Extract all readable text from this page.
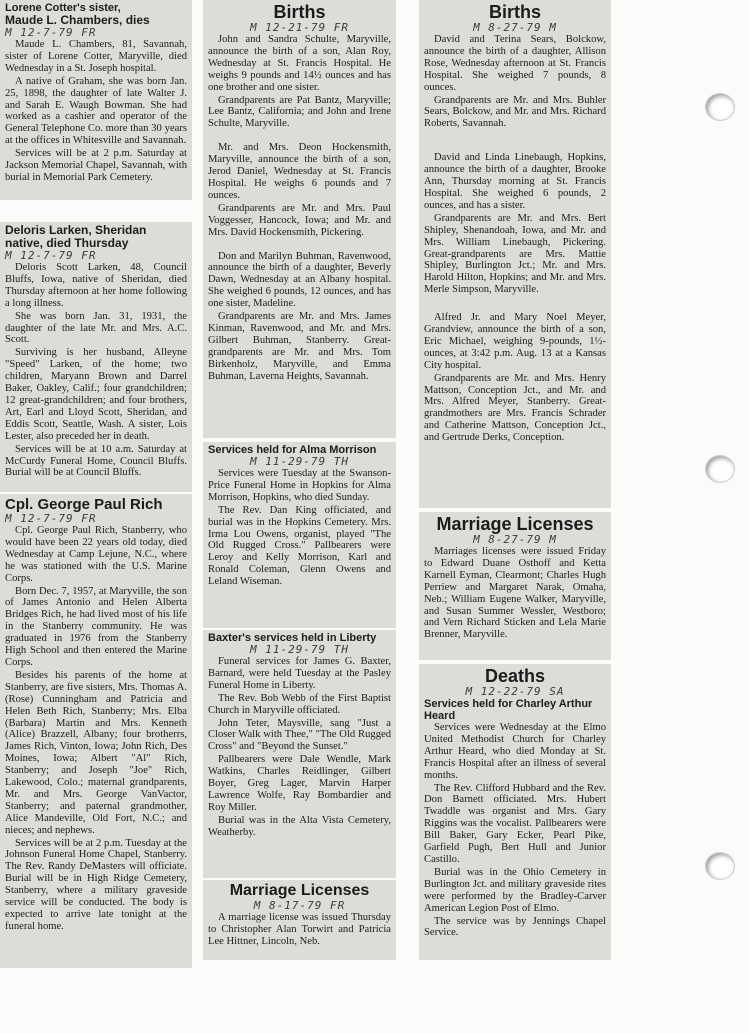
Lorene Cotter's sister,
Maude L. Chambers, dies
M 12-7-79 FR

Maude L. Chambers, 81, Savannah, sister of Lorene Cotter, Maryville, died Wednesday in a St. Joseph hospital.

A native of Graham, she was born Jan. 25, 1898, the daughter of late Walter J. and Sarah E. Waugh Bowman. She had worked as a cashier and operator of the General Telephone Co. more than 30 years at the offices in Whitesville and Savannah.

Services will be at 2 p.m. Saturday at Jackson Memorial Chapel, Savannah, with burial in Memorial Park Cemetery.

Deloris Larken, Sheridan native, died Thursday
M 12-7-79 FR

Deloris Scott Larken, 48, Council Bluffs, Iowa, native of Sheridan, died Thursday afternoon at her home following a long illness.

She was born Jan. 31, 1931, the daughter of the late Mr. and Mrs. A.C. Scott.

Surviving is her husband, Alleyne "Speed" Larken, of the home; two children, Maryann Brown and Darrel Baker, Oakley, Calif.; four grandchildren; 12 great-grandchildren; and four brothers, Art, Earl and Lloyd Scott, Sheridan, and Eddis Scott, Seattle, Wash. A sister, Lois Lester, also preceded her in death.

Services will be at 10 a.m. Saturday at McCurdy Funeral Home, Council Bluffs. Burial will be at Council Bluffs.

Cpl. George Paul Rich
M 12-7-79 FR

Cpl. George Paul Rich, Stanberry, who would have been 22 years old today, died Wednesday at Camp Lejune, N.C., where he was stationed with the U.S. Marine Corps.

Born Dec. 7, 1957, at Maryville, the son of James Antonio and Helen Alberta Bridges Rich, he had lived most of his life in the Stanberry community. He was graduated in 1976 from the Stanberry High School and then entered the Marine Corps.

Besides his parents of the home at Stanberry, are five sisters, Mrs. Thomas A. (Rose) Cunningham and Patricia and Helen Beth Rich, Stanberry; Mrs. Elba (Barbara) Martin and Mrs. Kenneth (Alice) Brazzell, Albany; four brotherrs, James Rich, Vinton, Iowa; John Rich, Des Moines, Iowa; Albert "Al" Rich, Stanberry; and Joseph "Joe" Rich, Lakewood, Colo.; maternal grandparents, Mr. and Mrs. George VanVactor, Stanberry; and paternal grandmother, Alice Mandeville, Old Fort, N.C.; and nieces; and nephews.

Services will be at 2 p.m. Tuesday at the Johnson Funeral Home Chapel, Stanberry. The Rev. Randy DeMasters will officiate. Burial will be in High Ridge Cemetery, Stanberry, where a military graveside service will be conducted. The body is expected to arrive late tonight at the funeral home.

Births
M 12-21-79 FR

John and Sandra Schulte, Maryville, announce the birth of a son, Alan Roy, Wednesday at St. Francis Hospital. He weighs 9 pounds and 14½ ounces and has one brother and one sister.

Grandparents are Pat Bantz, Maryville; Lee Bantz, California; and John and Irene Schulte, Maryville.

Mr. and Mrs. Deon Hockensmith, Maryville, announce the birth of a son, Jerod Daniel, Wednesday at St. Francis Hospital. He weighs 6 pounds and 7 ounces.

Grandparents are Mr. and Mrs. Paul Voggesser, Hancock, Iowa; and Mr. and Mrs. David Hockensmith, Pickering.

Don and Marilyn Buhman, Ravenwood, announce the birth of a daughter, Beverly Dawn, Wednesday at an Albany hospital. She weighed 6 pounds, 12 ounces, and has one sister, Madeline.

Grandparents are Mr. and Mrs. James Kinman, Ravenwood, and Mr. and Mrs. Gilbert Buhman, Stanberry. Great-grandparents are Mr. and Mrs. Tom Birkenholz, Maryville, and Emma Buhman, Laverna Heights, Savannah.

Services held for Alma Morrison
M 11-29-79 TH

Services were Tuesday at the Swanson-Price Funeral Home in Hopkins for Alma Morrison, Hopkins, who died Sunday.

The Rev. Dan King officiated, and burial was in the Hopkins Cemetery. Mrs. Irma Lou Owens, organist, played "The Old Rugged Cross." Pallbearers were Leroy and Kelly Morrison, Karl and Ronald Coleman, Glenn Owens and Leland Wiseman.

Baxter's services held in Liberty
M 11-29-79 TH

Funeral services for James G. Baxter, Barnard, were held Tuesday at the Pasley Funeral Home in Liberty.

The Rev. Bob Webb of the First Baptist Church in Maryville officiated.

John Teter, Maysville, sang "Just a Closer Walk with Thee," "The Old Rugged Cross" and "Beyond the Sunset."

Pallbearers were Dale Wendle, Mark Watkins, Charles Reidlinger, Gilbert Boyer, Greg Lager, Marvin Harper Lawrence Wolfe, Ray Bombardier and Roy Miller.

Burial was in the Alta Vista Cemetery, Weatherby.

Marriage Licenses
M 8-17-79 FR

A marriage license was issued Thursday to Christopher Alan Torwirt and Patricia Lee Hittner, Lincoln, Neb.

Births
M 8-27-79 M

David and Terina Sears, Bolckow, announce the birth of a daughter, Allison Rose, Wednesday afternoon at St. Francis Hospital. She weighed 7 pounds, 8 ounces.

Grandparents are Mr. and Mrs. Buhler Sears, Bolckow, and Mr. and Mrs. Richard Roberts, Savannah.

David and Linda Linebaugh, Hopkins, announce the birth of a daughter, Brooke Ann, Thursday morning at St. Francis Hospital. She weighed 6 pounds, 2 ounces, and has a sister.

Grandparents are Mr. and Mrs. Bert Shipley, Shenandoah, Iowa, and Mr. and Mrs. William Linebaugh, Pickering. Great-grandparents are Mrs. Mattie Shipley, Burlington Jct.; Mr. and Mrs. Harold Hilton, Hopkins; and Mr. and Mrs. Merle Simpson, Maryville.

Alfred Jr. and Mary Noel Meyer, Grandview, announce the birth of a son, Eric Michael, weighing 9-pounds, 1½-ounces, at 3:42 p.m. Aug. 13 at a Kansas City hospital.

Grandparents are Mr. and Mrs. Henry Mattson, Conception Jct., and Mr. and Mrs. Alfred Meyer, Stanberry. Great-grandmothers are Mrs. Francis Schrader and Catherine Mattson, Conception Jct., and Gertrude Derks, Conception.

Marriage Licenses
M 8-27-79 M

Marriages licenses were issued Friday to Edward Duane Osthoff and Ketta Karnell Eyman, Clearmont; Charles Hugh Perriew and Margaret Narak, Omaha, Neb.; William Eugene Walker, Maryville, and Susan Summer Wessler, Westboro; and Vern Richard Sticken and Lela Marie Brenner, Maryville.

Deaths
M 12-22-79 SA
Services held for Charley Arthur Heard

Services were Wednesday at the Elmo United Methodist Church for Charley Arthur Heard, who died Monday at St. Francis Hospital after an illness of several months.

The Rev. Clifford Hubbard and the Rev. Don Barnett officiated. Mrs. Hubert Twaddle was organist and Mrs. Gary Riggins was the vocalist. Pallbearers were Bill Baker, Gary Ecker, Pearl Pike, Garfield Pugh, Bert Hull and Junior Castillo.

Burial was in the Ohio Cemetery in Burlington Jct. and military graveside rites were performed by the Bradley-Carver American Legion Post of Elmo.

The service was by Jennings Chapel Service.
